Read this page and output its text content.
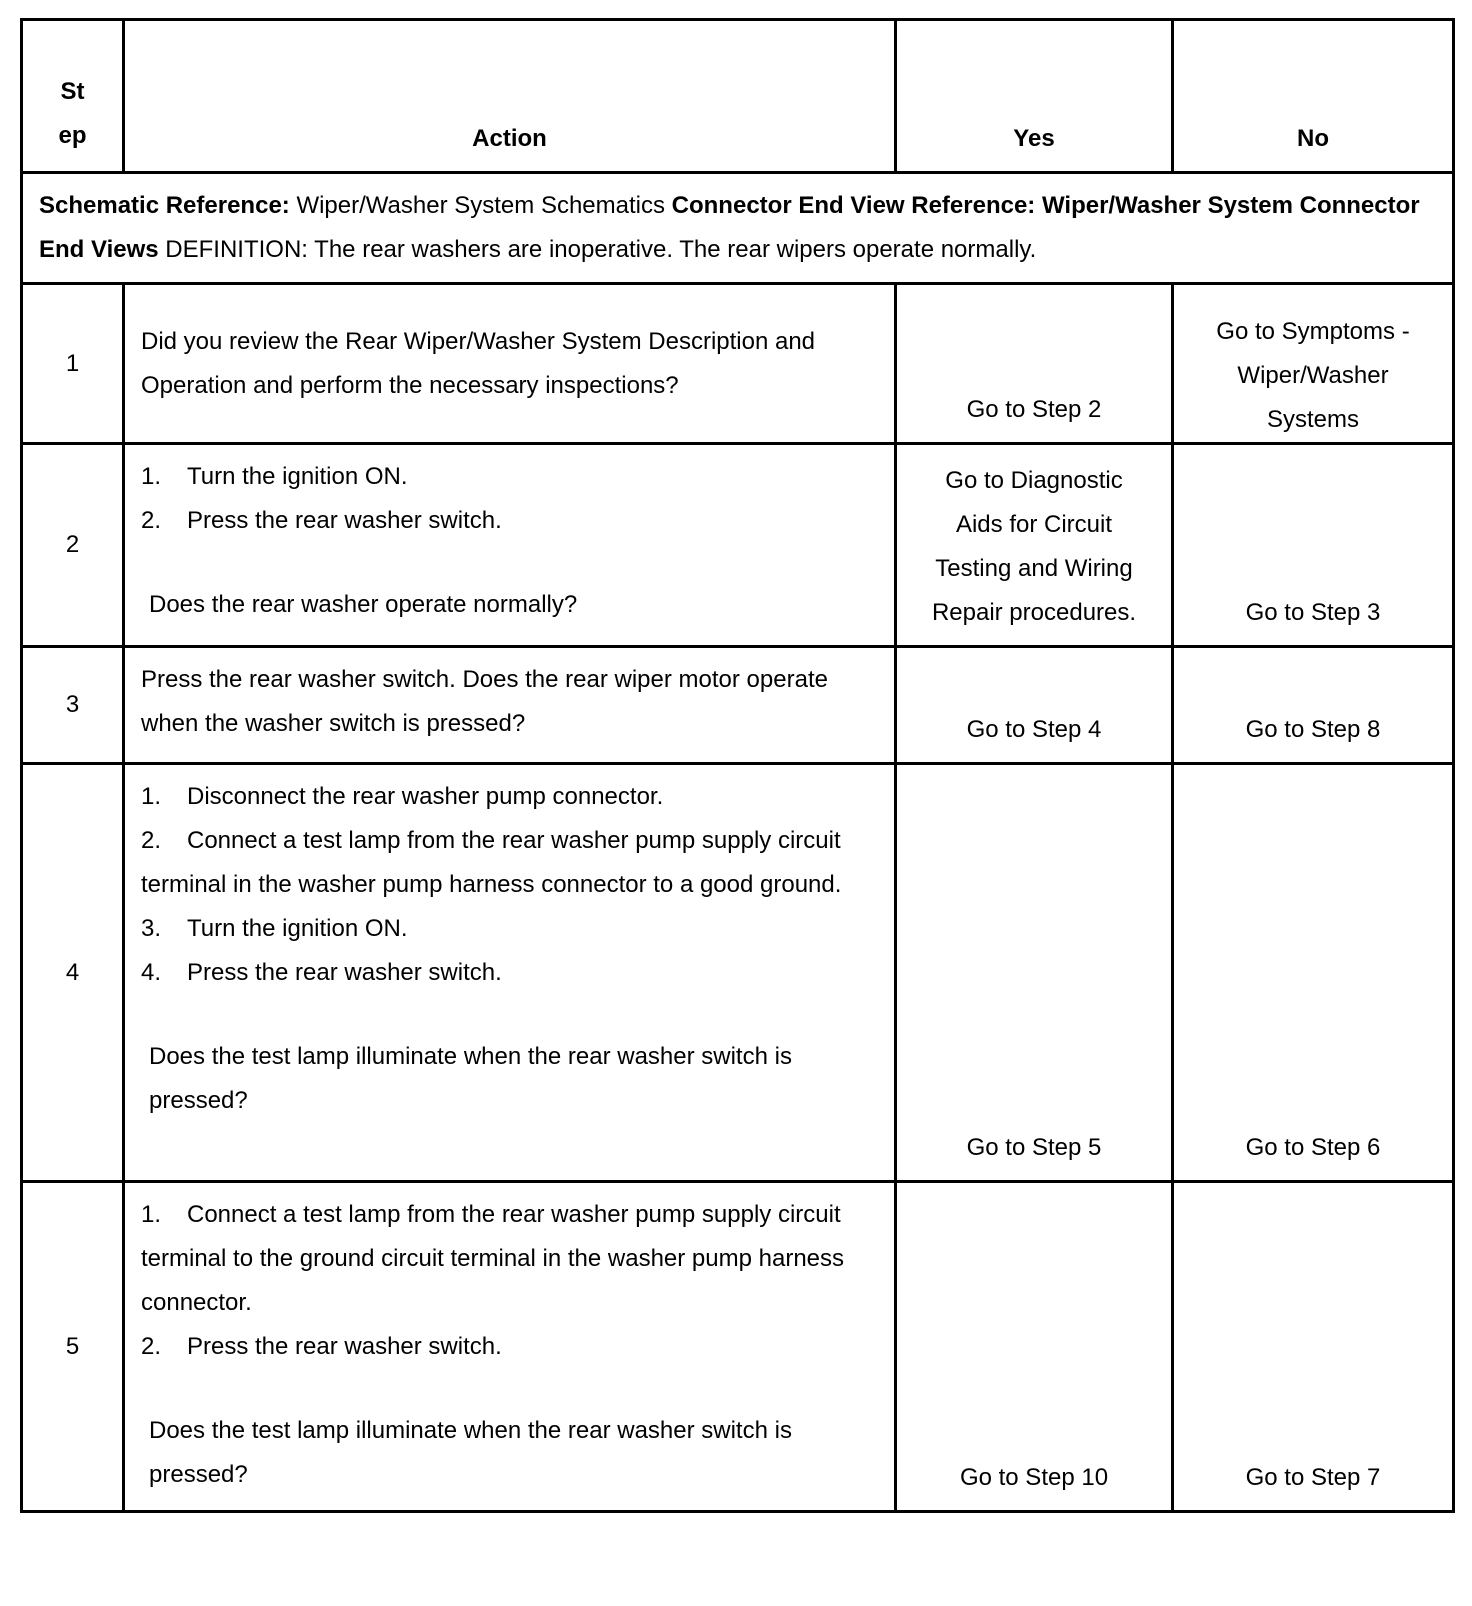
St
ep	Action	Yes	No
Schematic Reference: Wiper/Washer System Schematics Connector End View Reference: Wiper/Washer System Connector End Views DEFINITION: The rear washers are inoperative. The rear wipers operate normally.			
1	Did you review the Rear Wiper/Washer System Description and Operation and perform the necessary inspections?	Go to Step 2	Go to Symptoms - Wiper/Washer Systems
2	1. Turn the ignition ON.
2. Press the rear washer switch.
Does the rear washer operate normally?	Go to Diagnostic Aids for Circuit Testing and Wiring Repair procedures.	Go to Step 3
3	Press the rear washer switch. Does the rear wiper motor operate when the washer switch is pressed?	Go to Step 4	Go to Step 8
4	1. Disconnect the rear washer pump connector.
2. Connect a test lamp from the rear washer pump supply circuit terminal in the washer pump harness connector to a good ground.
3. Turn the ignition ON.
4. Press the rear washer switch.
Does the test lamp illuminate when the rear washer switch is pressed?	Go to Step 5	Go to Step 6
5	1. Connect a test lamp from the rear washer pump supply circuit terminal to the ground circuit terminal in the washer pump harness connector.
2. Press the rear washer switch.
Does the test lamp illuminate when the rear washer switch is pressed?	Go to Step 10	Go to Step 7
